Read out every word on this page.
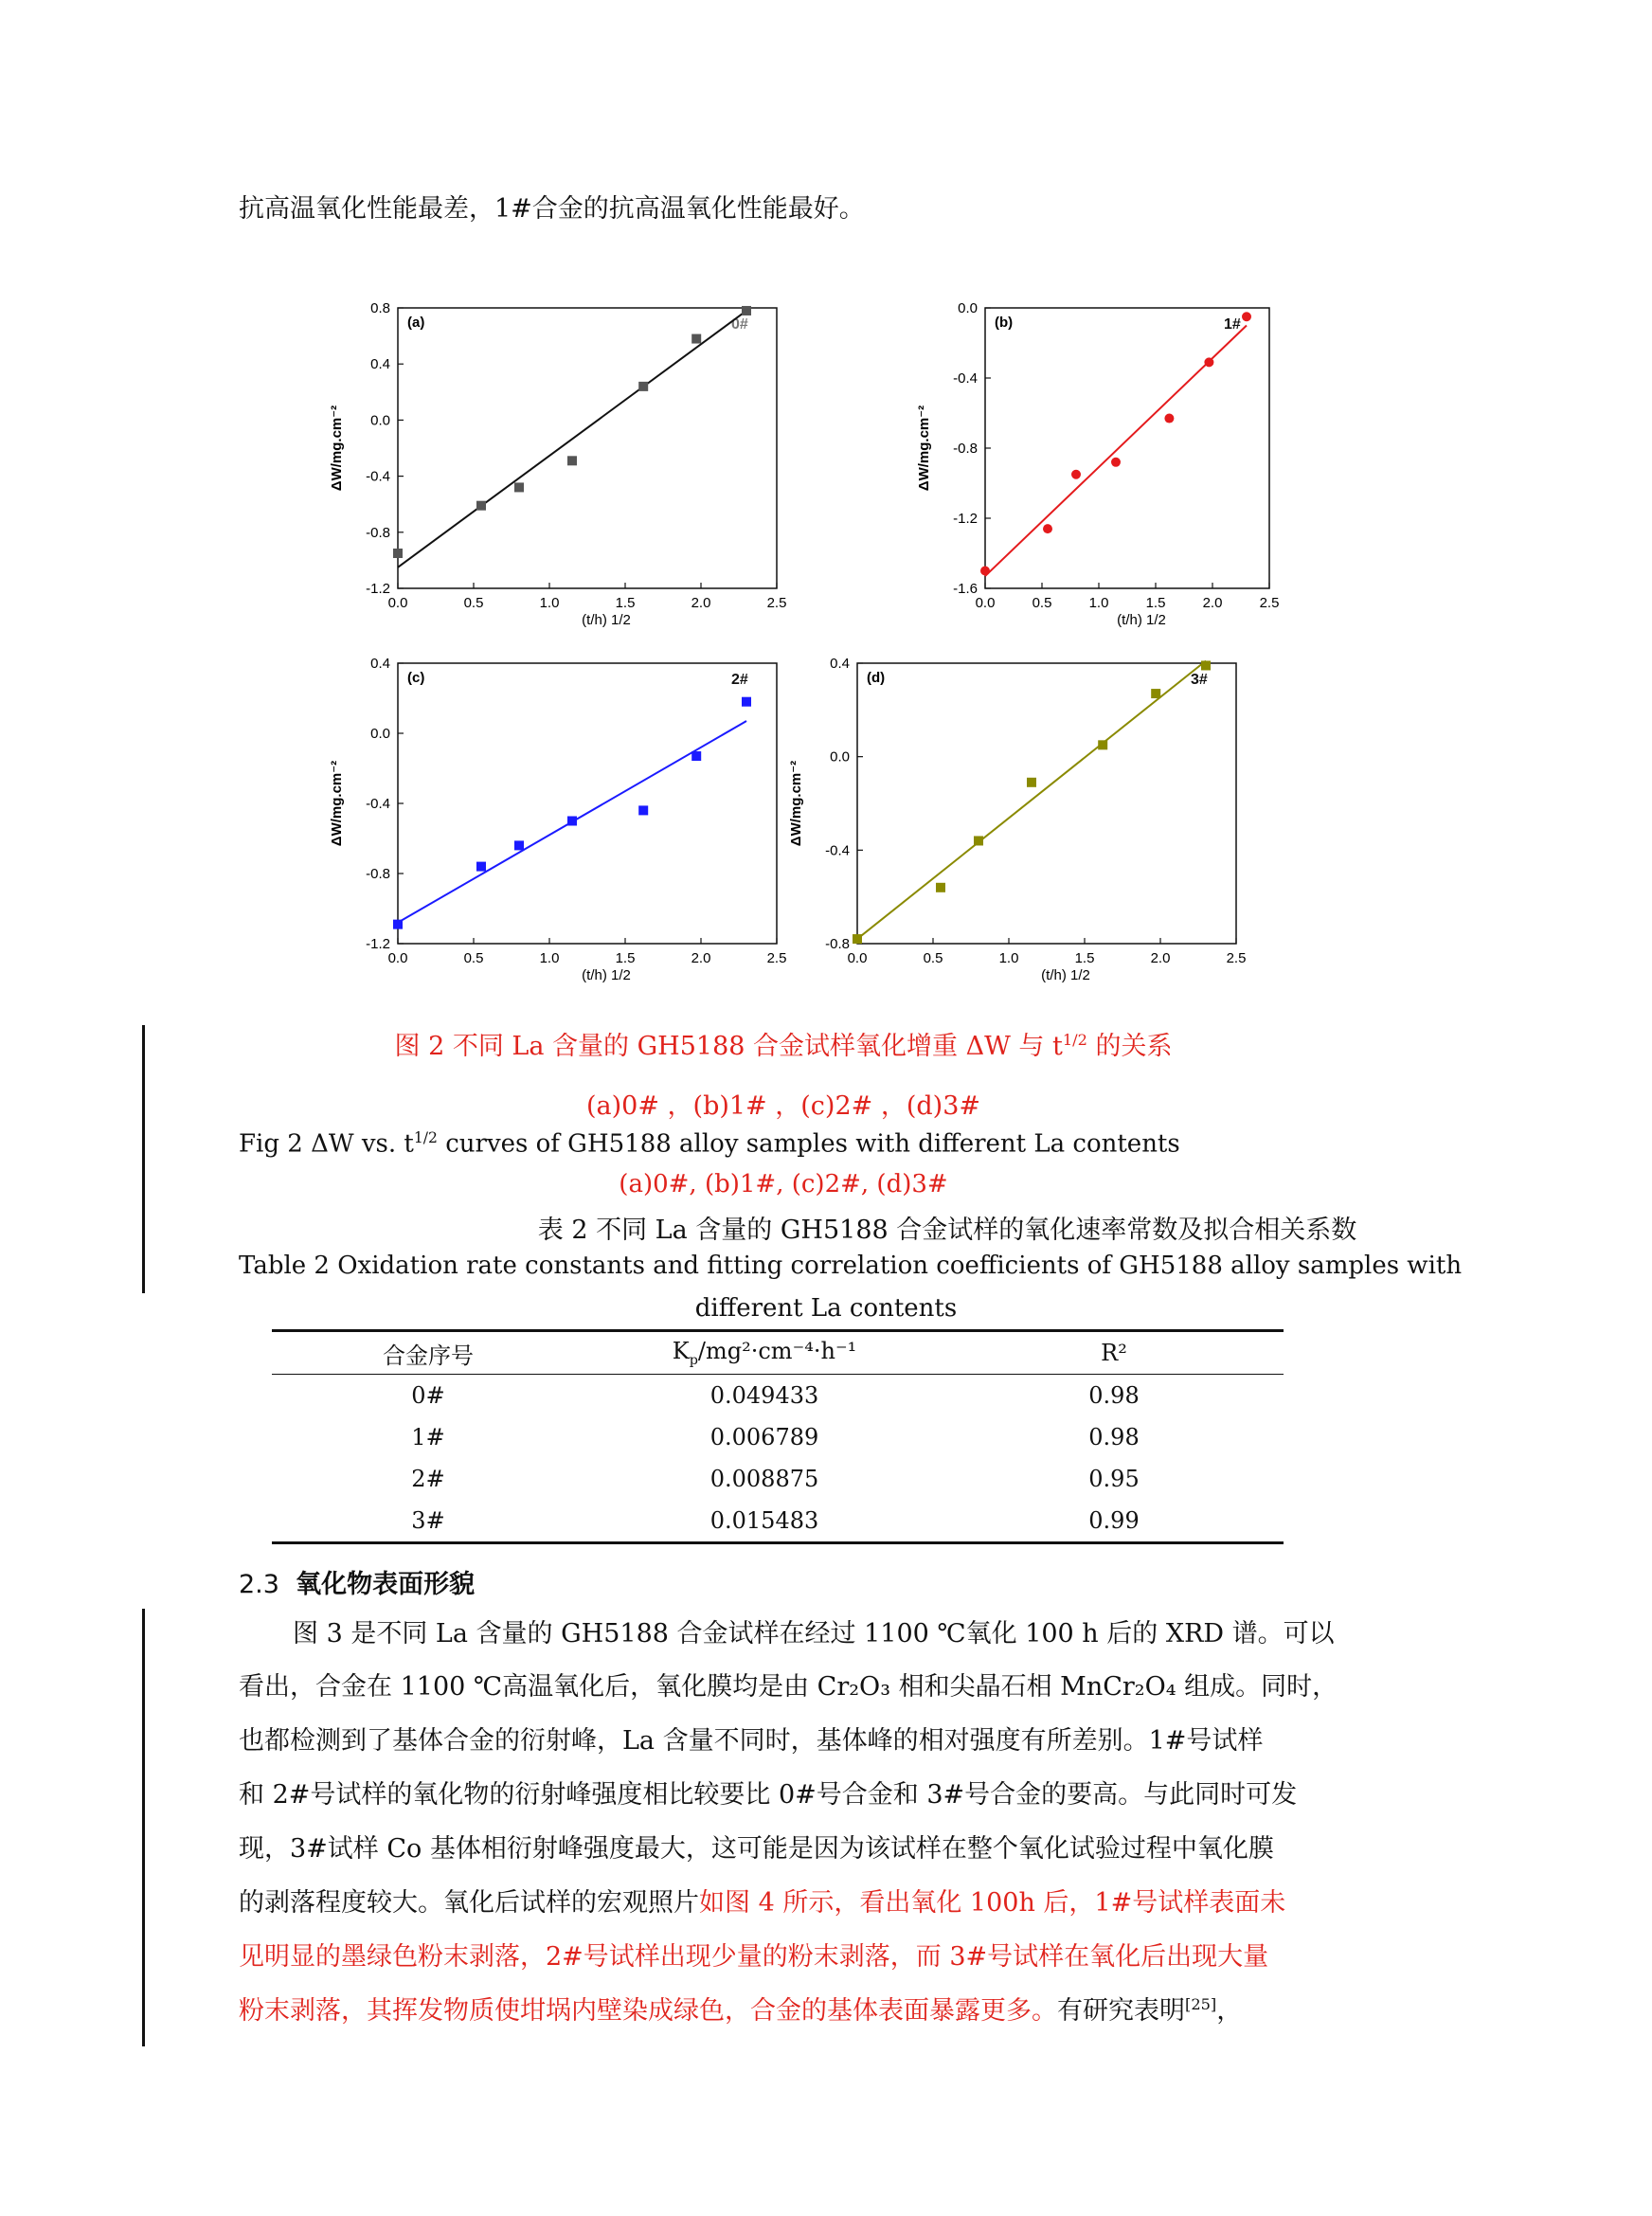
抗高温氧化性能最差，1#合金的抗高温氧化性能最好。
0.0	0.5	1.0	1.5	2.0	2.5
-1.2
-0.8
-0.4
0.0
0.4
0.8
(t/h) 1/2
ΔW/mg.cm⁻²
(a)	0#
0.0	0.5	1.0	1.5	2.0	2.5
-1.6
-1.2
-0.8
-0.4
0.0
(t/h) 1/2
ΔW/mg.cm⁻²
(b)	1#
0.0	0.5	1.0	1.5	2.0	2.5
-1.2
-0.8
-0.4
0.0
0.4
(t/h) 1/2
ΔW/mg.cm⁻²
(c)	2#
0.0	0.5	1.0	1.5	2.0	2.5
-0.8
-0.4
0.0
0.4
(t/h) 1/2
ΔW/mg.cm⁻²
(d)	3#
图 2 不同 La 含量的 GH5188 合金试样氧化增重 ΔW 与 $t^{1/2}$ 的关系
(a)0# ，(b)1# ，(c)2# ，(d)3#
Fig 2 ΔW vs. $t^{1/2}$ curves of GH5188 alloy samples with different La contents
(a)0#, (b)1#, (c)2#, (d)3#
表 2 不同 La 含量的 GH5188 合金试样的氧化速率常数及拟合相关系数
Table 2 Oxidation rate constants and fitting correlation coefficients of GH5188 alloy samples with
different La contents
合金序号	$K_p/mg^2\cdot cm^{-4}\cdot h^{-1}$	R²
0#	0.049433	0.98
1#	0.006789	0.98
2#	0.008875	0.95
3#	0.015483	0.99
2.3 氧化物表面形貌
图 3 是不同 La 含量的 GH5188 合金试样在经过 1100 ℃氧化 100 h 后的 XRD 谱。可以
看出，合金在 1100 ℃高温氧化后，氧化膜均是由 Cr₂O₃ 相和尖晶石相 MnCr₂O₄ 组成。同时，
也都检测到了基体合金的衍射峰，La 含量不同时，基体峰的相对强度有所差别。1#号试样
和 2#号试样的氧化物的衍射峰强度相比较要比 0#号合金和 3#号合金的要高。与此同时可发
现，3#试样 Co 基体相衍射峰强度最大，这可能是因为该试样在整个氧化试验过程中氧化膜
的剥落程度较大。氧化后试样的宏观照片如图 4 所示，看出氧化 100h 后，1#号试样表面未
见明显的墨绿色粉末剥落，2#号试样出现少量的粉末剥落，而 3#号试样在氧化后出现大量
粉末剥落，其挥发物质使坩埚内壁染成绿色，合金的基体表面暴露更多。有研究表明[25]，
